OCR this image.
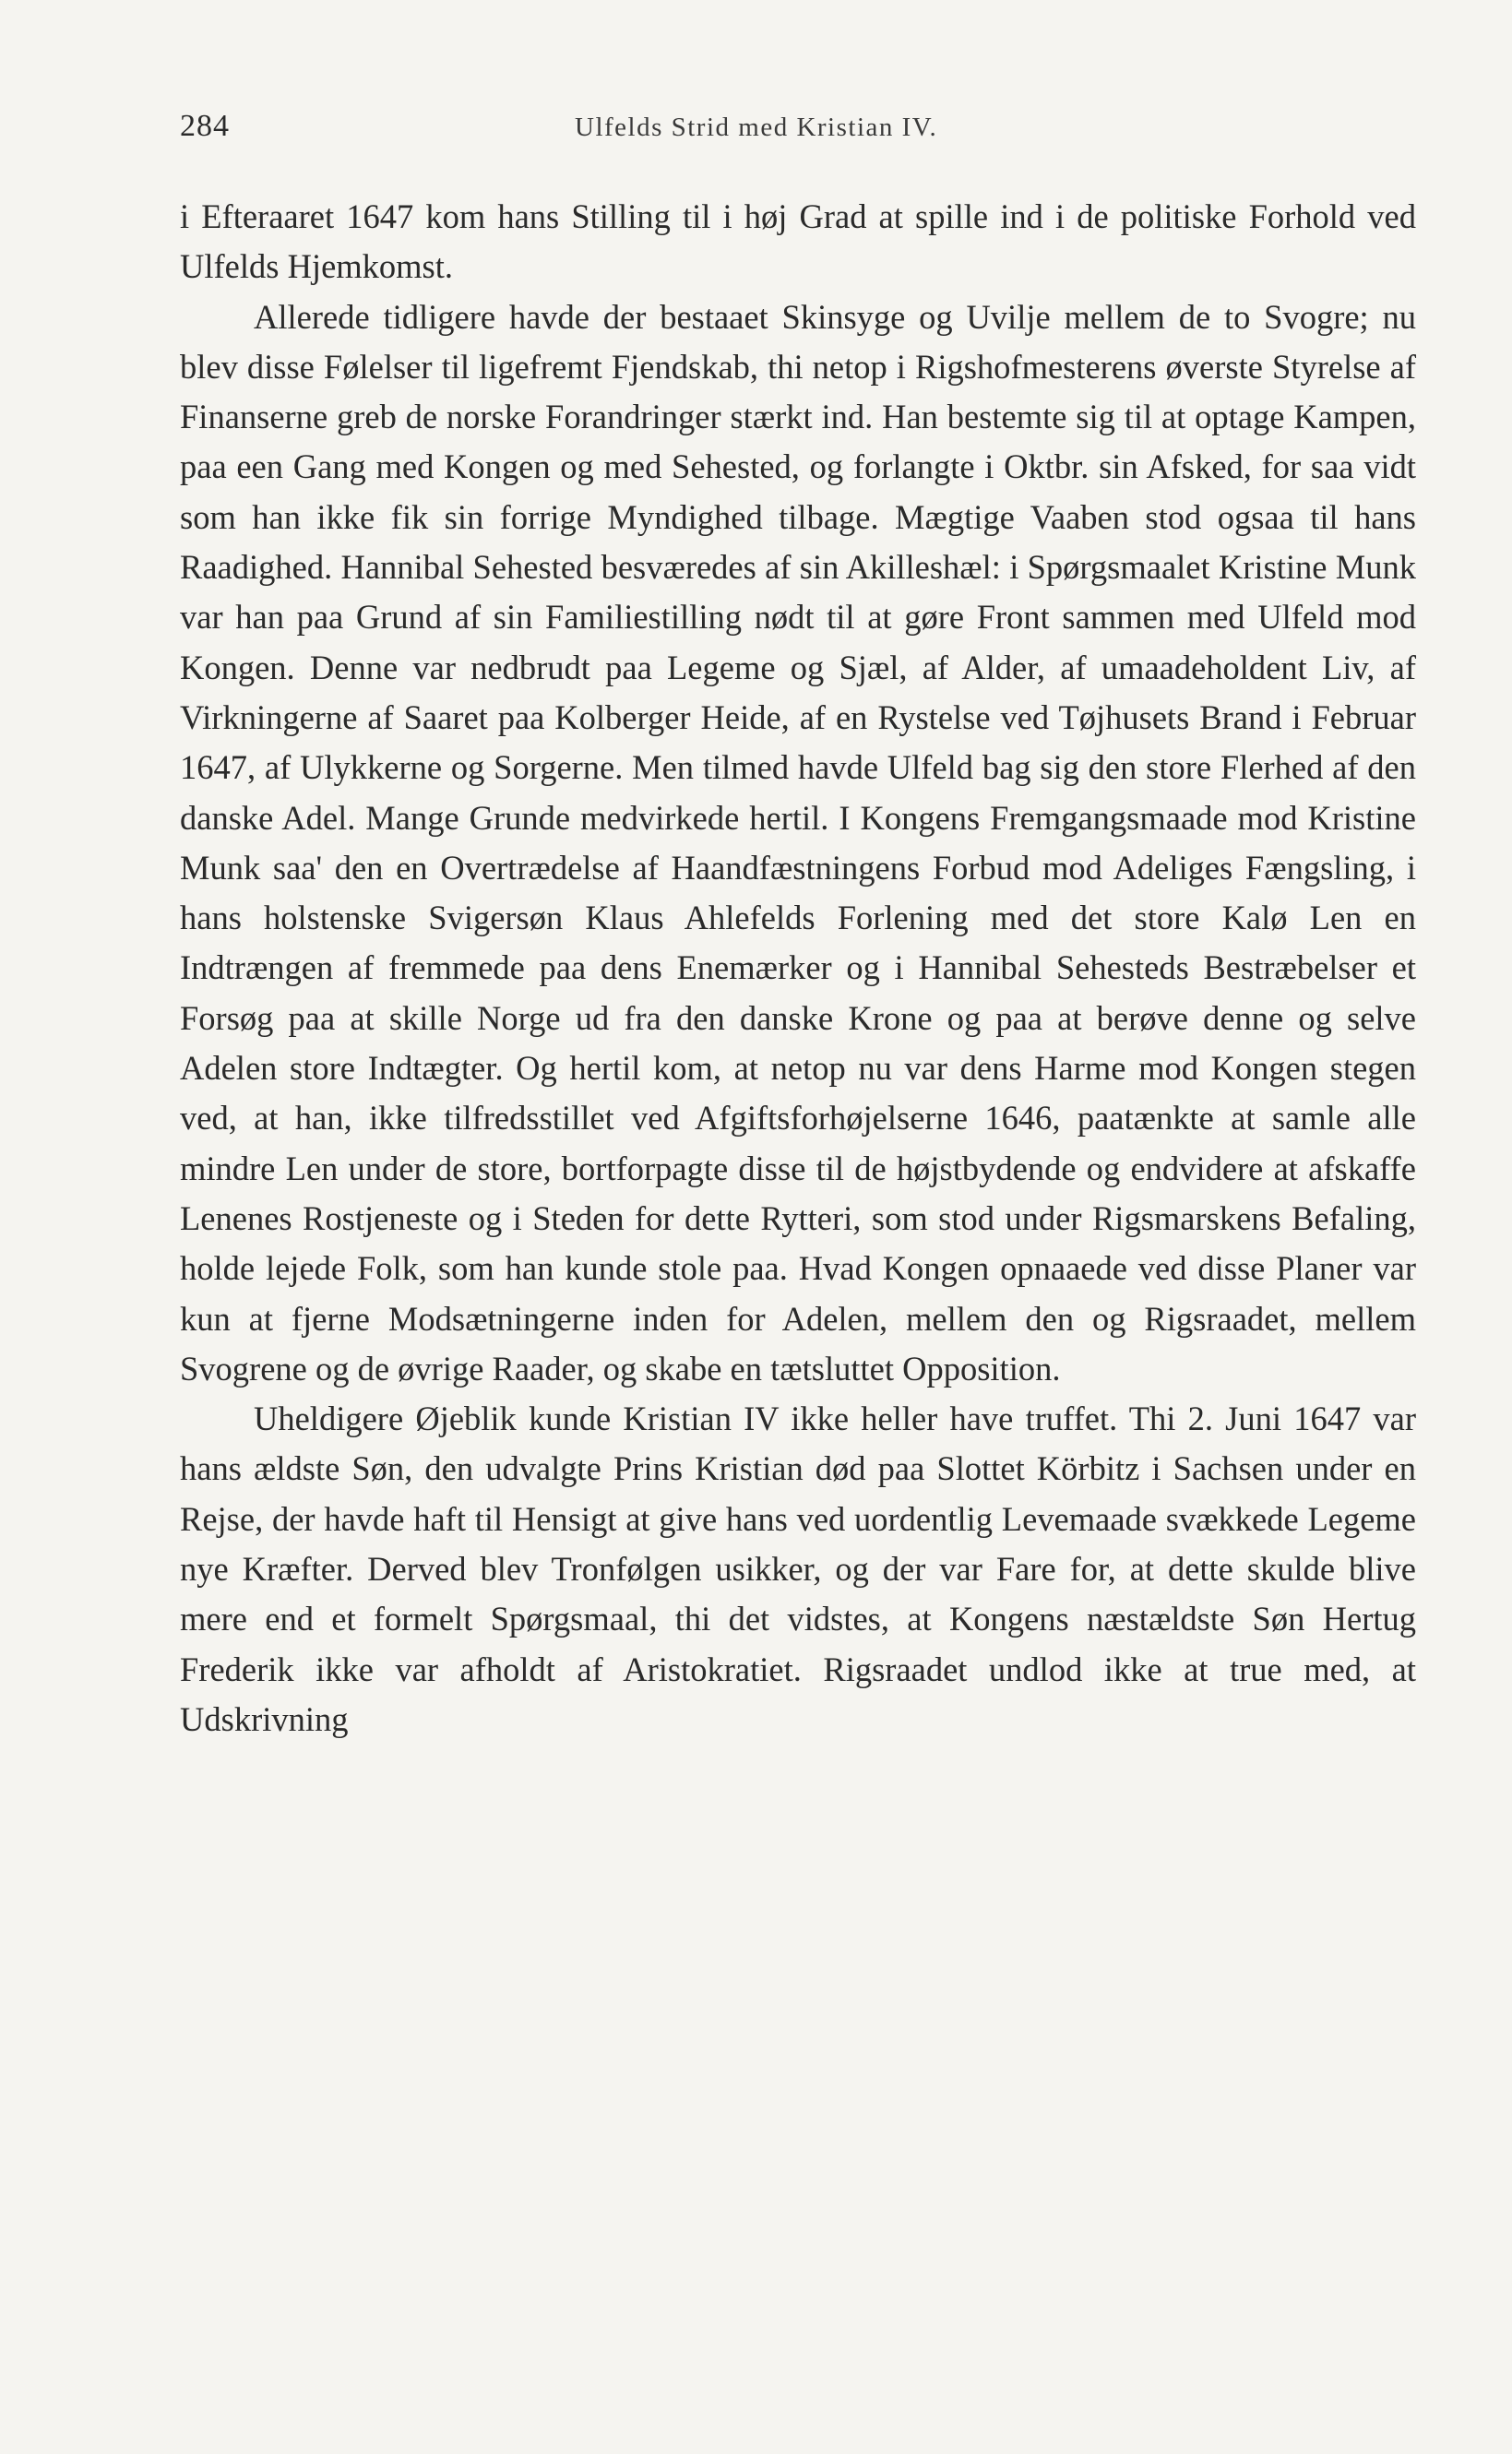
284	Ulfelds Strid med Kristian IV.

i Efteraaret 1647 kom hans Stilling til i høj Grad at spille ind i de politiske Forhold ved Ulfelds Hjemkomst.

Allerede tidligere havde der bestaaet Skinsyge og Uvilje mellem de to Svogre; nu blev disse Følelser til ligefremt Fjendskab, thi netop i Rigshofmesterens øverste Styrelse af Finanserne greb de norske Forandringer stærkt ind. Han bestemte sig til at optage Kampen, paa een Gang med Kongen og med Sehested, og forlangte i Oktbr. sin Afsked, for saa vidt som han ikke fik sin forrige Myndighed tilbage. Mægtige Vaaben stod ogsaa til hans Raadighed. Hannibal Sehested besværedes af sin Akilleshæl: i Spørgsmaalet Kristine Munk var han paa Grund af sin Familiestilling nødt til at gøre Front sammen med Ulfeld mod Kongen. Denne var nedbrudt paa Legeme og Sjæl, af Alder, af umaadeholdent Liv, af Virkningerne af Saaret paa Kolberger Heide, af en Rystelse ved Tøjhusets Brand i Februar 1647, af Ulykkerne og Sorgerne. Men tilmed havde Ulfeld bag sig den store Flerhed af den danske Adel. Mange Grunde medvirkede hertil. I Kongens Fremgangsmaade mod Kristine Munk saa' den en Overtrædelse af Haandfæstningens Forbud mod Adeliges Fængsling, i hans holstenske Svigersøn Klaus Ahlefelds Forlening med det store Kalø Len en Indtrængen af fremmede paa dens Enemærker og i Hannibal Sehesteds Bestræbelser et Forsøg paa at skille Norge ud fra den danske Krone og paa at berøve denne og selve Adelen store Indtægter. Og hertil kom, at netop nu var dens Harme mod Kongen stegen ved, at han, ikke tilfredsstillet ved Afgiftsforhøjelserne 1646, paatænkte at samle alle mindre Len under de store, bortforpagte disse til de højstbydende og endvidere at afskaffe Lenenes Rostjeneste og i Steden for dette Rytteri, som stod under Rigsmarskens Befaling, holde lejede Folk, som han kunde stole paa. Hvad Kongen opnaaede ved disse Planer var kun at fjerne Modsætningerne inden for Adelen, mellem den og Rigsraadet, mellem Svogrene og de øvrige Raader, og skabe en tætsluttet Opposition.

Uheldigere Øjeblik kunde Kristian IV ikke heller have truffet. Thi 2. Juni 1647 var hans ældste Søn, den udvalgte Prins Kristian død paa Slottet Körbitz i Sachsen under en Rejse, der havde haft til Hensigt at give hans ved uordentlig Levemaade svækkede Legeme nye Kræfter. Derved blev Tronfølgen usikker, og der var Fare for, at dette skulde blive mere end et formelt Spørgsmaal, thi det vidstes, at Kongens næstældste Søn Hertug Frederik ikke var afholdt af Aristokratiet. Rigsraadet undlod ikke at true med, at Udskrivning
